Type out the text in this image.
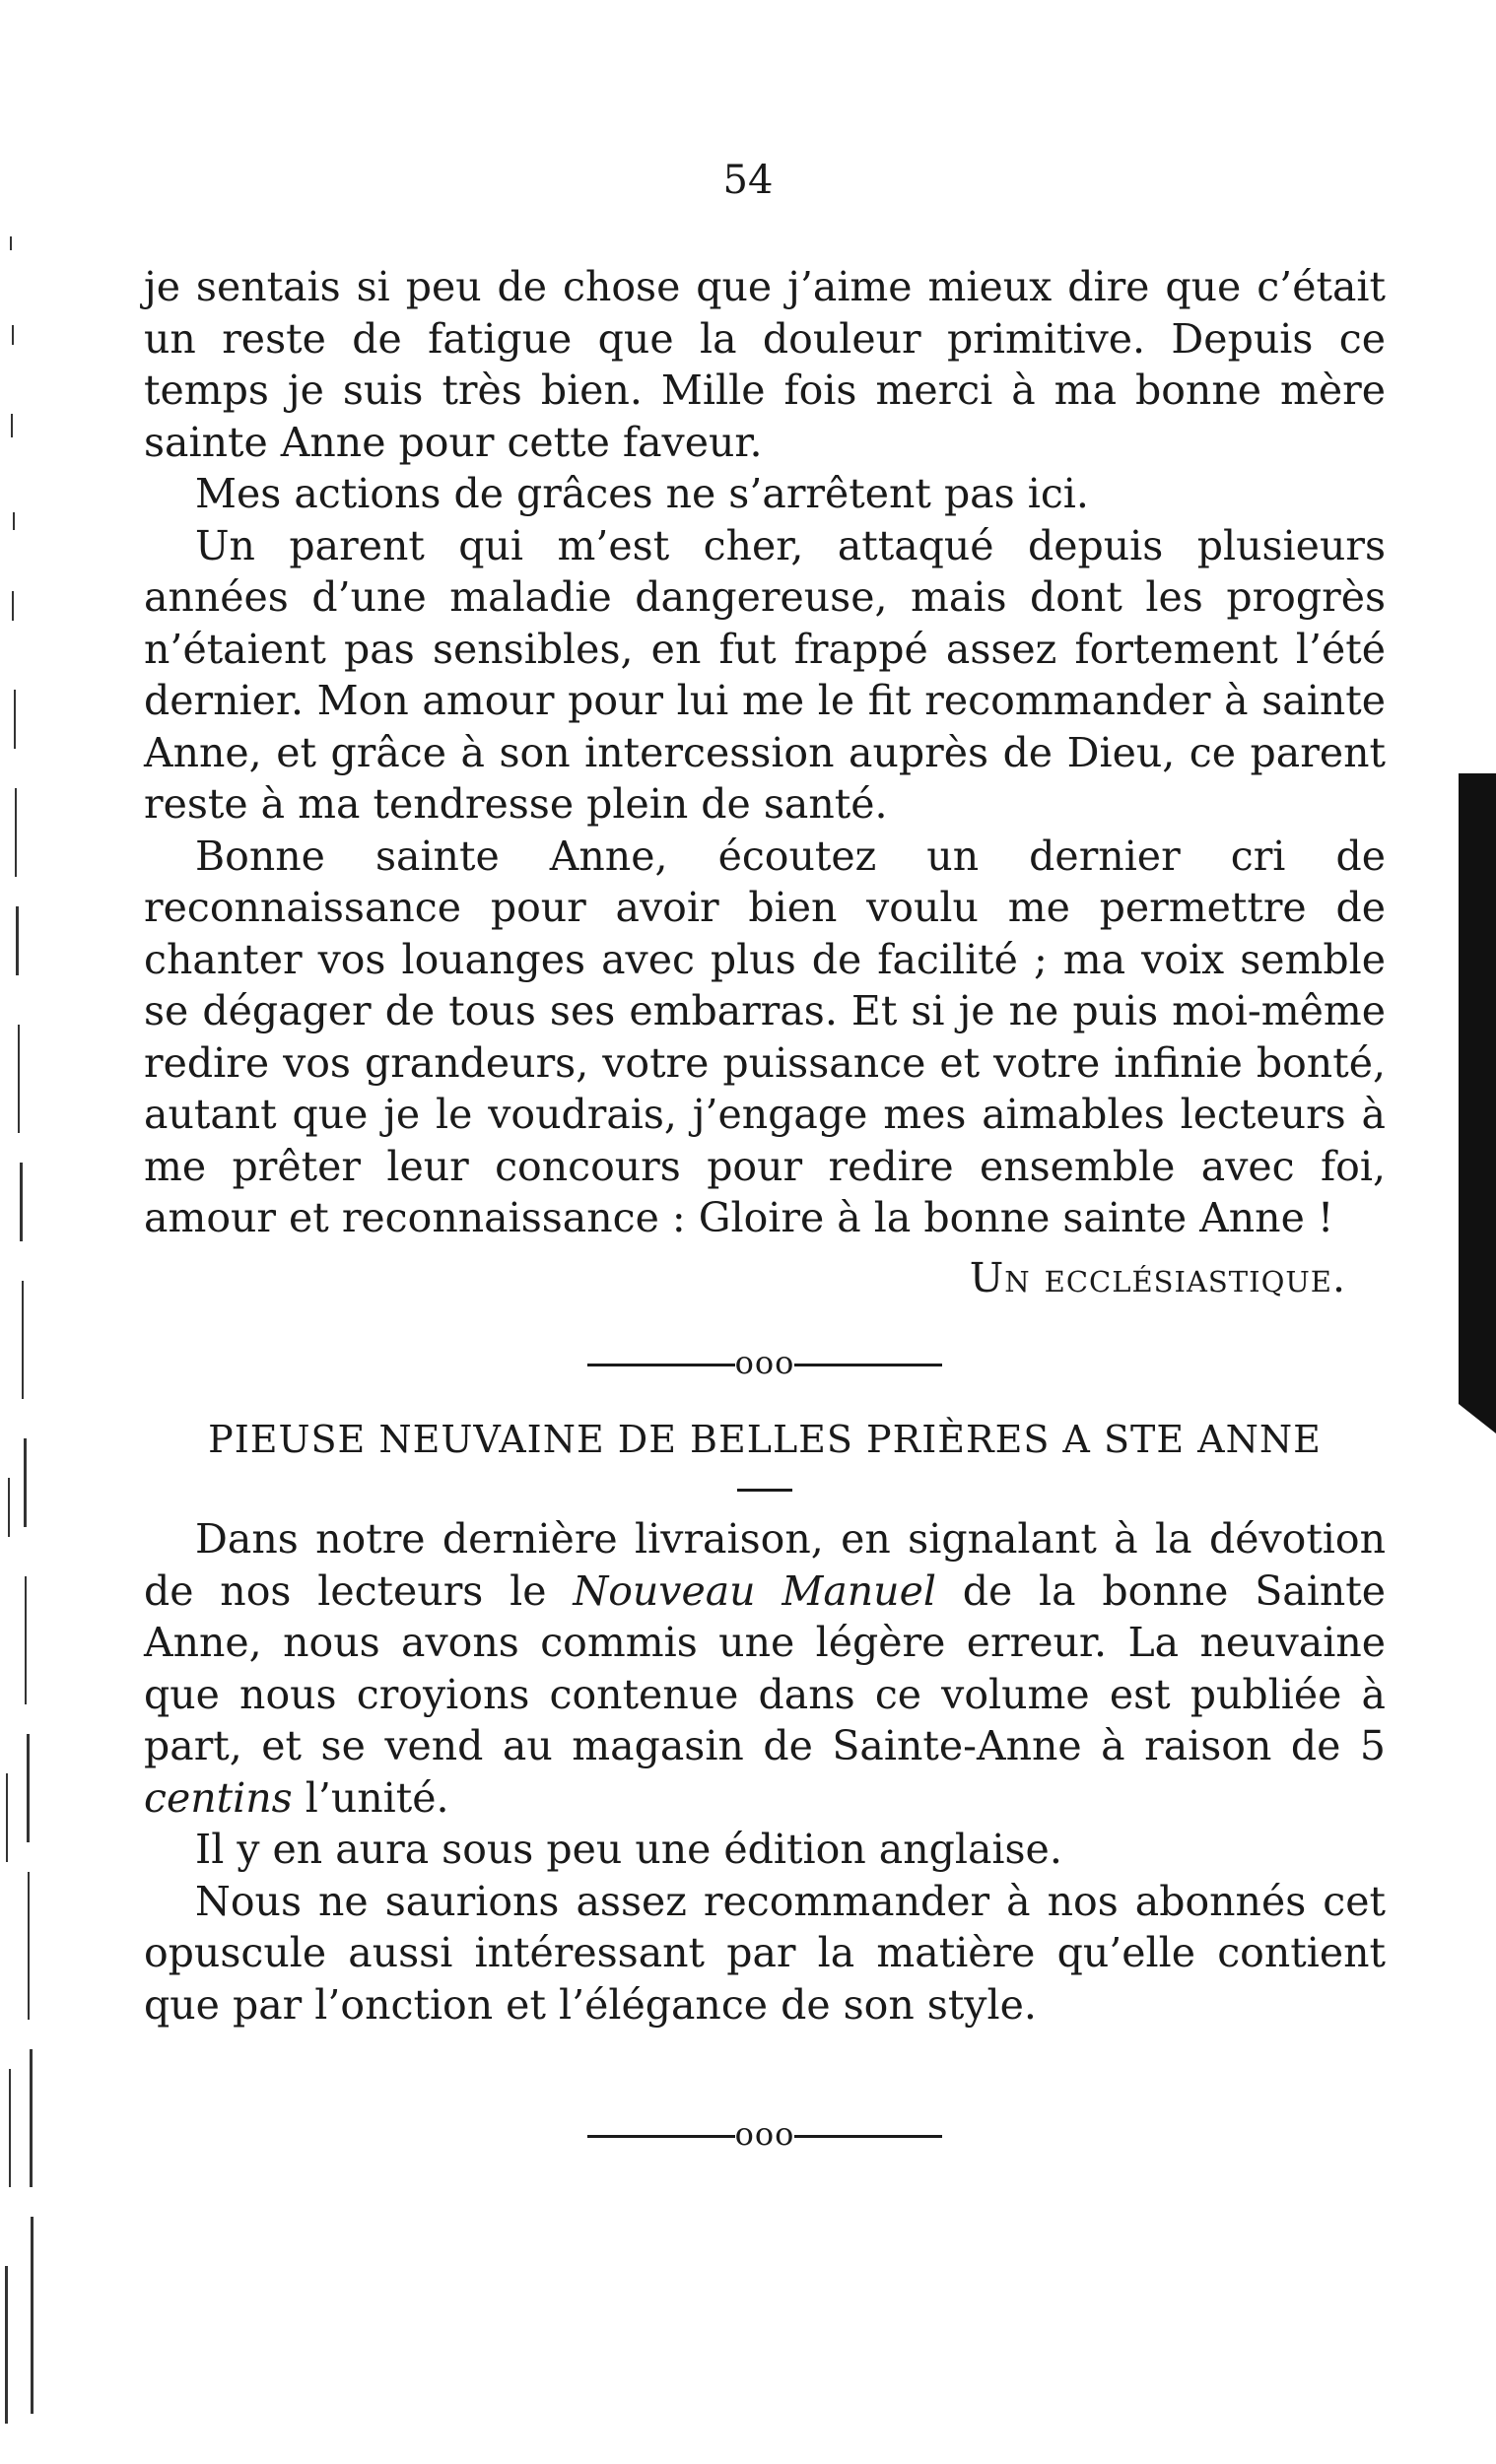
54

je sentais si peu de chose que j’aime mieux dire que c’était un reste de fatigue que la douleur primitive. Depuis ce temps je suis très bien. Mille fois merci à ma bonne mère sainte Anne pour cette faveur.

Mes actions de grâces ne s’arrêtent pas ici.

Un parent qui m’est cher, attaqué depuis plusieurs années d’une maladie dangereuse, mais dont les progrès n’étaient pas sensibles, en fut frappé assez fortement l’été dernier. Mon amour pour lui me le fit recommander à sainte Anne, et grâce à son intercession auprès de Dieu, ce parent reste à ma tendresse plein de santé.

Bonne sainte Anne, écoutez un dernier cri de reconnaissance pour avoir bien voulu me permettre de chanter vos louanges avec plus de facilité ; ma voix semble se dégager de tous ses embarras. Et si je ne puis moi-même redire vos grandeurs, votre puissance et votre infinie bonté, autant que je le voudrais, j’engage mes aimables lecteurs à me prêter leur concours pour redire ensemble avec foi, amour et reconnaissance : Gloire à la bonne sainte Anne !

Un ecclésiastique.
ooo

PIEUSE NEUVAINE DE BELLES PRIÈRES A STE ANNE

Dans notre dernière livraison, en signalant à la dévotion de nos lecteurs le Nouveau Manuel de la bonne Sainte Anne, nous avons commis une légère erreur. La neuvaine que nous croyions contenue dans ce volume est publiée à part, et se vend au magasin de Sainte-Anne à raison de 5 centins l’unité.

Il y en aura sous peu une édition anglaise.

Nous ne saurions assez recommander à nos abonnés cet opuscule aussi intéressant par la matière qu’elle contient que par l’onction et l’élégance de son style.

ooo
